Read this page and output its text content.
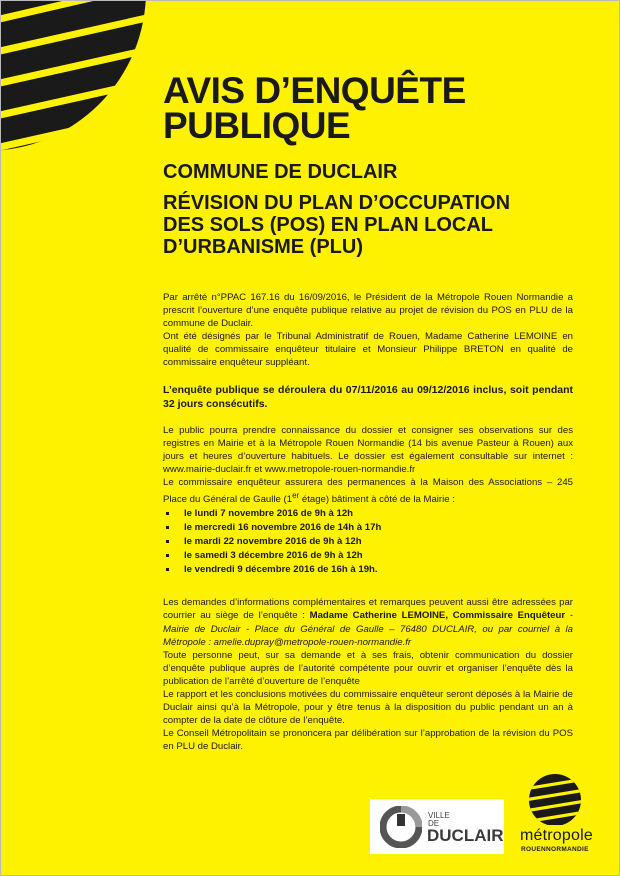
AVIS D’ENQUÊTE
PUBLIQUE
COMMUNE DE DUCLAIR
RÉVISION DU PLAN D’OCCUPATION
DES SOLS (POS) EN PLAN LOCAL
D’URBANISME (PLU)

Par arrêté n°PPAC 167.16 du 16/09/2016, le Président de la Métropole Rouen Normandie a prescrit l’ouverture d’une enquête publique relative au projet de révision du POS en PLU de la commune de Duclair.

Ont été désignés par le Tribunal Administratif de Rouen, Madame Catherine LEMOINE en qualité de commissaire enquêteur titulaire et Monsieur Philippe BRETON en qualité de commissaire enquêteur suppléant.

L’enquête publique se déroulera du 07/11/2016 au 09/12/2016 inclus, soit pendant 32 jours consécutifs.

Le public pourra prendre connaissance du dossier et consigner ses observations sur des registres en Mairie et à la Métropole Rouen Normandie (14 bis avenue Pasteur à Rouen) aux jours et heures d’ouverture habituels. Le dossier est également consultable sur internet : www.mairie-duclair.fr et www.metropole-rouen-normandie.fr

Le commissaire enquêteur assurera des permanences à la Maison des Associations – 245 Place du Général de Gaulle (1er étage) bâtiment à côté de la Mairie :

le lundi 7 novembre 2016 de 9h à 12h
le mercredi 16 novembre 2016 de 14h à 17h
le mardi 22 novembre 2016 de 9h à 12h
le samedi 3 décembre 2016 de 9h à 12h
le vendredi 9 décembre 2016 de 16h à 19h.

Les demandes d’informations complémentaires et remarques peuvent aussi être adressées par courrier au siège de l’enquête : Madame Catherine LEMOINE, Commissaire Enquêteur - Mairie de Duclair - Place du Général de Gaulle – 76480 DUCLAIR, ou par courriel à la Métropole : amelie.dupray@metropole-rouen-normandie.fr

Toute personne peut, sur sa demande et à ses frais, obtenir communication du dossier d’enquête publique auprès de l’autorité compétente pour ouvrir et organiser l’enquête dès la publication de l’arrêté d’ouverture de l’enquête

Le rapport et les conclusions motivées du commissaire enquêteur seront déposés à la Mairie de Duclair ainsi qu’à la Métropole, pour y être tenus à la disposition du public pendant un an à compter de la date de clôture de l’enquête.

Le Conseil Métropolitain se prononcera par délibération sur l’approbation de la révision du POS en PLU de Duclair.

VILLE
DE
DUCLAIR métropole
ROUENNORMANDIE
